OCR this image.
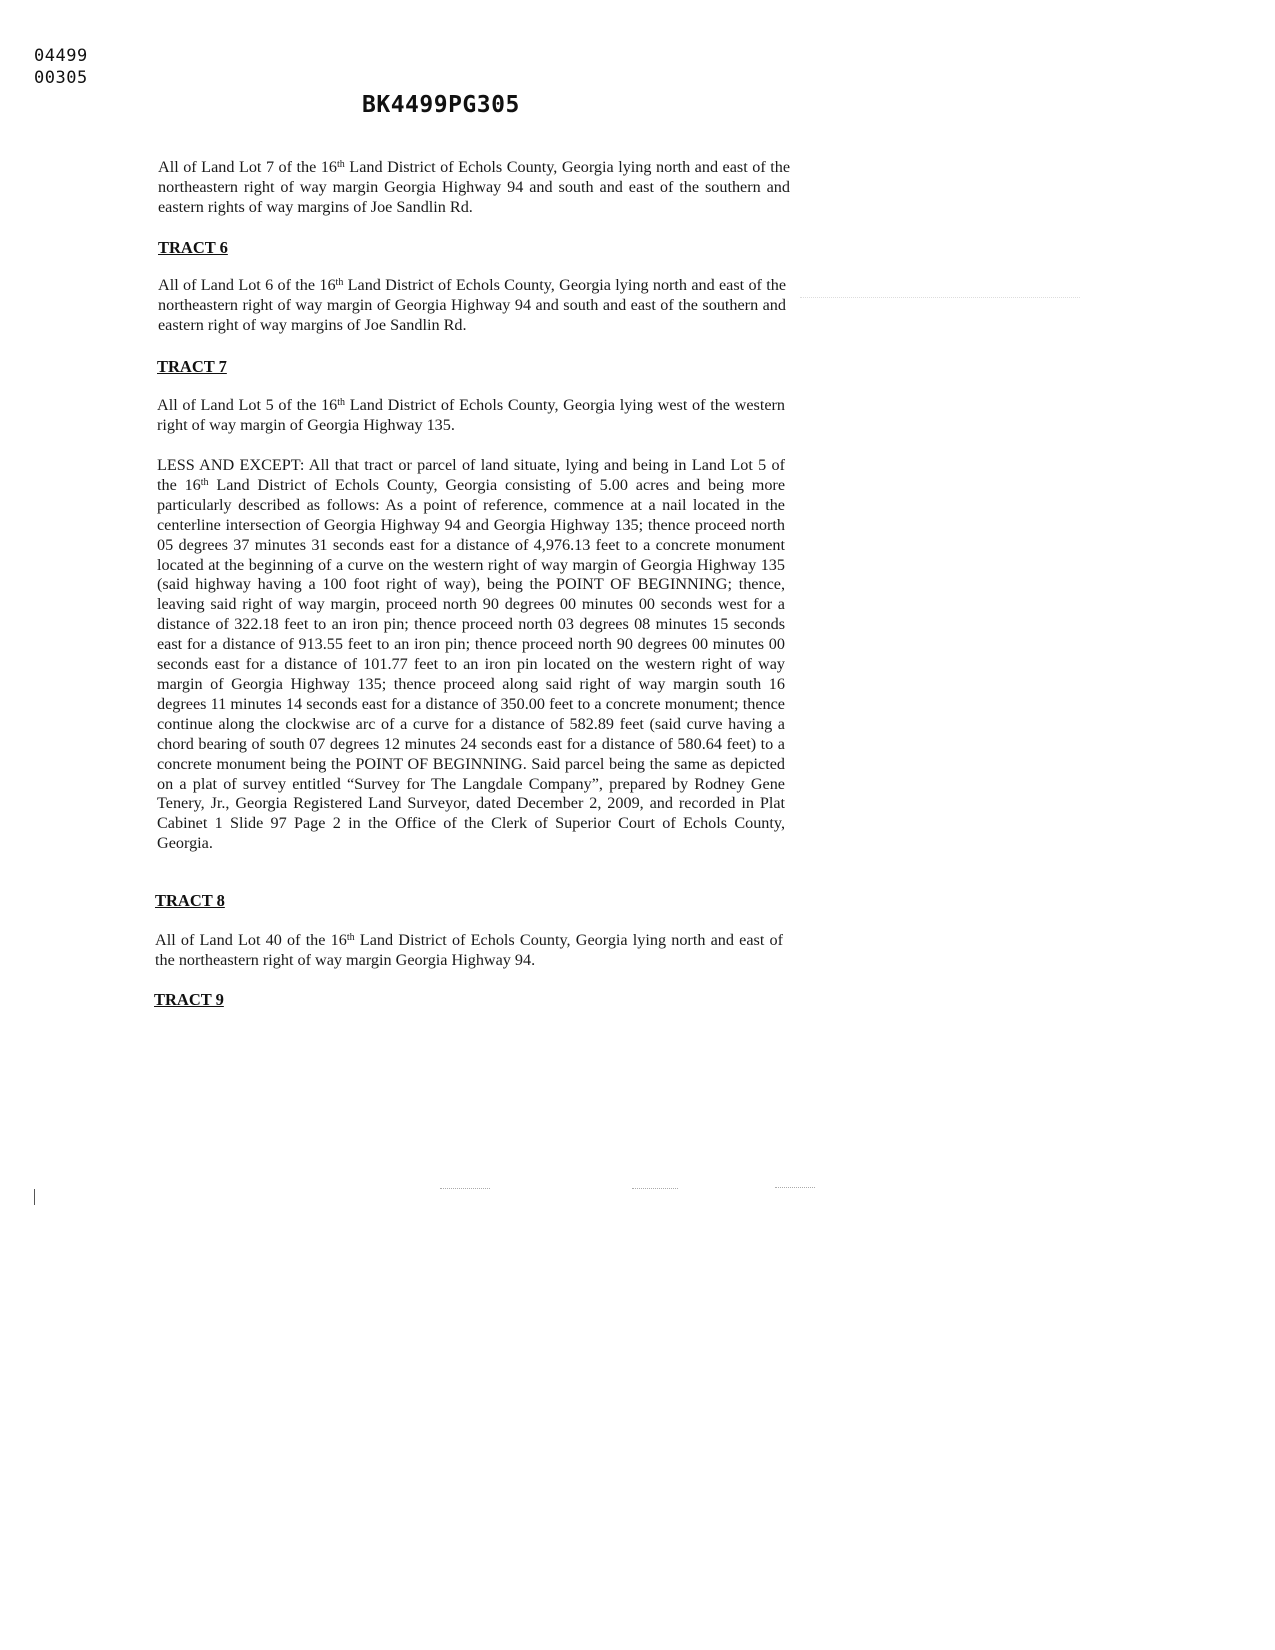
04499
00305
BK4499PG305

All of Land Lot 7 of the 16th Land District of Echols County, Georgia lying north and east of the northeastern right of way margin Georgia Highway 94 and south and east of the southern and eastern rights of way margins of Joe Sandlin Rd.

TRACT 6

All of Land Lot 6 of the 16th Land District of Echols County, Georgia lying north and east of the northeastern right of way margin of Georgia Highway 94 and south and east of the southern and eastern right of way margins of Joe Sandlin Rd.

TRACT 7

All of Land Lot 5 of the 16th Land District of Echols County, Georgia lying west of the western right of way margin of Georgia Highway 135.

LESS AND EXCEPT: All that tract or parcel of land situate, lying and being in Land Lot 5 of the 16th Land District of Echols County, Georgia consisting of 5.00 acres and being more particularly described as follows: As a point of reference, commence at a nail located in the centerline intersection of Georgia Highway 94 and Georgia Highway 135; thence proceed north 05 degrees 37 minutes 31 seconds east for a distance of 4,976.13 feet to a concrete monument located at the beginning of a curve on the western right of way margin of Georgia Highway 135 (said highway having a 100 foot right of way), being the POINT OF BEGINNING; thence, leaving said right of way margin, proceed north 90 degrees 00 minutes 00 seconds west for a distance of 322.18 feet to an iron pin; thence proceed north 03 degrees 08 minutes 15 seconds east for a distance of 913.55 feet to an iron pin; thence proceed north 90 degrees 00 minutes 00 seconds east for a distance of 101.77 feet to an iron pin located on the western right of way margin of Georgia Highway 135; thence proceed along said right of way margin south 16 degrees 11 minutes 14 seconds east for a distance of 350.00 feet to a concrete monument; thence continue along the clockwise arc of a curve for a distance of 582.89 feet (said curve having a chord bearing of south 07 degrees 12 minutes 24 seconds east for a distance of 580.64 feet) to a concrete monument being the POINT OF BEGINNING. Said parcel being the same as depicted on a plat of survey entitled “Survey for The Langdale Company”, prepared by Rodney Gene Tenery, Jr., Georgia Registered Land Surveyor, dated December 2, 2009, and recorded in Plat Cabinet 1 Slide 97 Page 2 in the Office of the Clerk of Superior Court of Echols County, Georgia.

TRACT 8

All of Land Lot 40 of the 16th Land District of Echols County, Georgia lying north and east of the northeastern right of way margin Georgia Highway 94.

TRACT 9
